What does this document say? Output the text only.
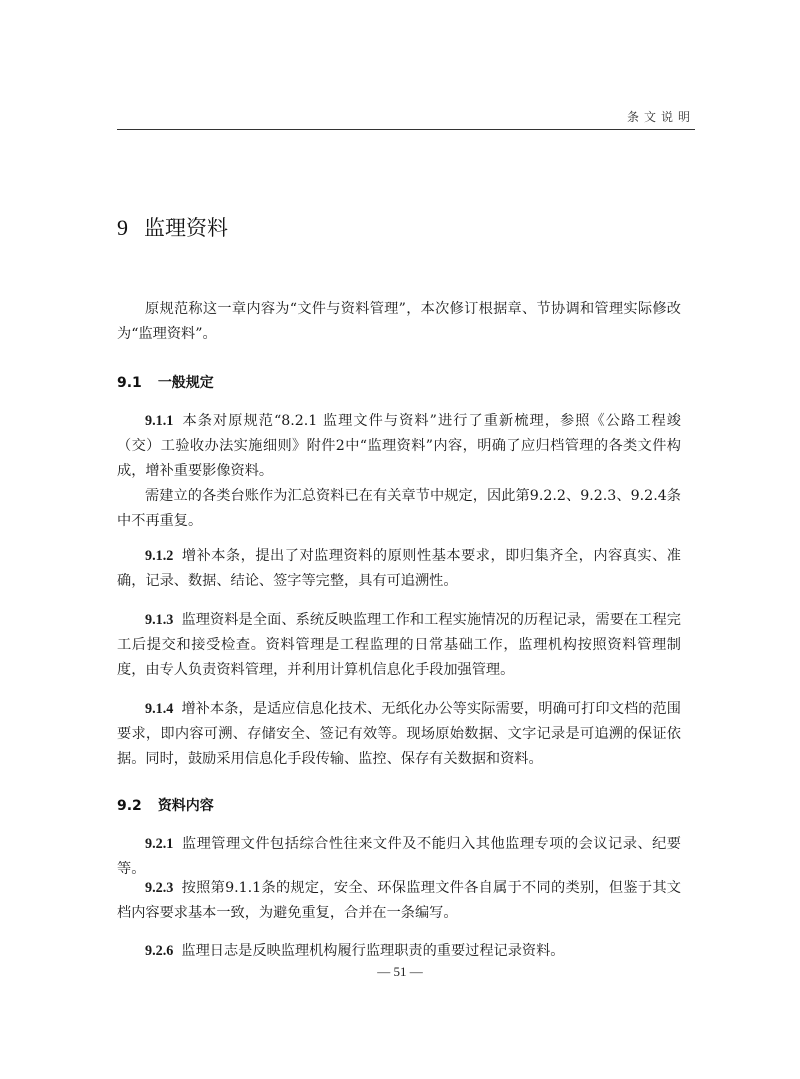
条文说明
9 监理资料

原规范称这一章内容为“文件与资料管理”，本次修订根据章、节协调和管理实际修改为“监理资料”。

9.1 一般规定

9.1.1 本条对原规范“8.2.1 监理文件与资料”进行了重新梳理，参照《公路工程竣（交）工验收办法实施细则》附件2中“监理资料”内容，明确了应归档管理的各类文件构成，增补重要影像资料。

需建立的各类台账作为汇总资料已在有关章节中规定，因此第9.2.2、9.2.3、9.2.4条中不再重复。

9.1.2 增补本条，提出了对监理资料的原则性基本要求，即归集齐全，内容真实、准确，记录、数据、结论、签字等完整，具有可追溯性。

9.1.3 监理资料是全面、系统反映监理工作和工程实施情况的历程记录，需要在工程完工后提交和接受检查。资料管理是工程监理的日常基础工作，监理机构按照资料管理制度，由专人负责资料管理，并利用计算机信息化手段加强管理。

9.1.4 增补本条，是适应信息化技术、无纸化办公等实际需要，明确可打印文档的范围要求，即内容可溯、存储安全、签记有效等。现场原始数据、文字记录是可追溯的保证依据。同时，鼓励采用信息化手段传输、监控、保存有关数据和资料。

9.2 资料内容

9.2.1 监理管理文件包括综合性往来文件及不能归入其他监理专项的会议记录、纪要等。

9.2.3 按照第9.1.1条的规定，安全、环保监理文件各自属于不同的类别，但鉴于其文档内容要求基本一致，为避免重复，合并在一条编写。

9.2.6 监理日志是反映监理机构履行监理职责的重要过程记录资料。

— 51 —
